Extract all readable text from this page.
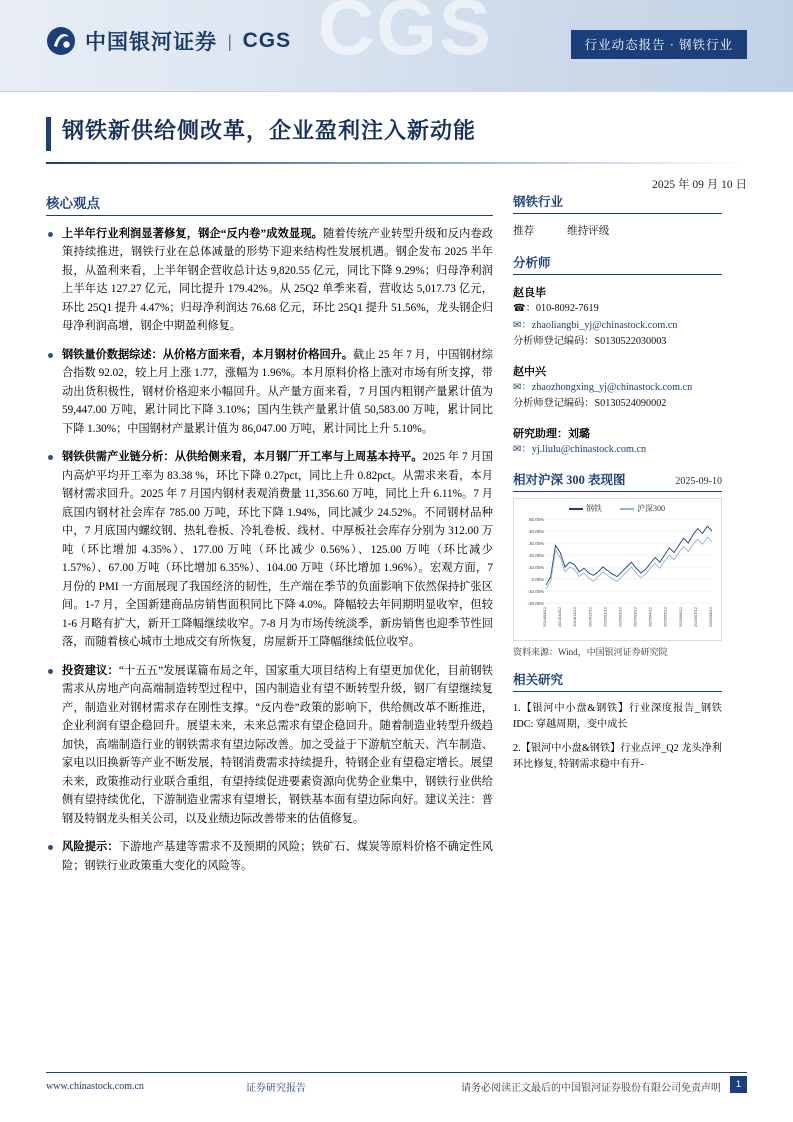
CGS
中国银河证券 | CGS	行业动态报告 · 钢铁行业
钢铁新供给侧改革，企业盈利注入新动能
2025 年 09 月 10 日
核心观点
上半年行业利润显著修复，钢企“反内卷”成效显现。随着传统产业转型升级和反内卷政策持续推进，钢铁行业在总体减量的形势下迎来结构性发展机遇。钢企发布 2025 半年报，从盈利来看，上半年钢企营收总计达 9,820.55 亿元，同比下降 9.29%；归母净利润上半年达 127.27 亿元，同比提升 179.42%。从 25Q2 单季来看，营收达 5,017.73 亿元，环比 25Q1 提升 4.47%；归母净利润达 76.68 亿元，环比 25Q1 提升 51.56%，龙头钢企归母净利润高增，钢企中期盈利修复。
钢铁量价数据综述：从价格方面来看，本月钢材价格回升。截止 25 年 7 月，中国钢材综合指数 92.02，较上月上涨 1.77，涨幅为 1.96%。本月原料价格上涨对市场有所支撑，带动出货积极性，钢材价格迎来小幅回升。从产量方面来看，7 月国内粗钢产量累计值为 59,447.00 万吨，累计同比下降 3.10%；国内生铁产量累计值 50,583.00 万吨，累计同比下降 1.30%；中国钢材产量累计值为 86,047.00 万吨，累计同比上升 5.10%。
钢铁供需产业链分析：从供给侧来看，本月钢厂开工率与上周基本持平。2025 年 7 月国内高炉平均开工率为 83.38 %，环比下降 0.27pct，同比上升 0.82pct。从需求来看，本月钢材需求回升。2025 年 7 月国内钢材表观消费量 11,356.60 万吨，同比上升 6.11%。7 月底国内钢材社会库存 785.00 万吨，环比下降 1.94%，同比减少 24.52%。不同钢材品种中，7 月底国内螺纹钢、热轧卷板、冷轧卷板、线材、中厚板社会库存分别为 312.00 万吨（环比增加 4.35%）、177.00 万吨（环比减少 0.56%）、125.00 万吨（环比减少 1.57%）、67.00 万吨（环比增加 6.35%）、104.00 万吨（环比增加 1.96%）。宏观方面，7 月份的 PMI 一方面展现了我国经济的韧性，生产端在季节的负面影响下依然保持扩张区间。1-7 月，全国新建商品房销售面积同比下降 4.0%。降幅较去年同期明显收窄，但较 1-6 月略有扩大，新开工降幅继续收窄。7-8 月为市场传统淡季，新房销售也迎季节性回落，而随着核心城市土地成交有所恢复，房屋新开工降幅继续低位收窄。
投资建议：“十五五”发展谋篇布局之年，国家重大项目结构上有望更加优化，目前钢铁需求从房地产向高端制造转型过程中，国内制造业有望不断转型升级，钢厂有望继续复产，制造业对钢材需求存在刚性支撑。“反内卷”政策的影响下，供给侧改革不断推进，企业利润有望企稳回升。展望未来，未来总需求有望企稳回升。随着制造业转型升级趋加快，高端制造行业的钢铁需求有望边际改善。加之受益于下游航空航天、汽车制造、家电以旧换新等产业不断发展，特钢消费需求持续提升，特钢企业有望稳定增长。展望未来，政策推动行业联合重组，有望持续促进要素资源向优势企业集中，钢铁行业供给侧有望持续优化，下游制造业需求有望增长，钢铁基本面有望边际向好。建议关注：普钢及特钢龙头相关公司，以及业绩边际改善带来的估值修复。
风险提示：下游地产基建等需求不及预期的风险；铁矿石、煤炭等原料价格不确定性风险；钢铁行业政策重大变化的风险等。
钢铁行业
推荐	维持评级
分析师
赵良毕
☎：010-8092-7619
✉：zhaoliangbi_yj@chinastock.com.cn
分析师登记编码：S0130522030003
赵中兴
✉：zhaozhongxing_yj@chinastock.com.cn
分析师登记编码：S0130524090002
研究助理：刘璐
✉：yj.liulu@chinastock.com.cn
相对沪深 300 表现图	2025-09-10
钢铁	沪深300
50.00%
40.00%
30.00%
20.00%
10.00%
0.00%
-10.00%
-20.00%
2024/09/12	2024/10/12	2024/11/12	2024/12/12	2025/01/12	2025/02/12	2025/03/12	2025/04/12	2025/05/12	2025/06/12	2025/07/12	2025/08/12
资料来源：Wind，中国银河证券研究院
相关研究
1.【银河中小盘&钢铁】行业深度报告_钢铁 IDC: 穿越周期，变中成长
2.【银河中小盘&钢铁】行业点评_Q2 龙头净利环比修复, 特钢需求稳中有升-
www.chinastock.com.cn	证券研究报告	请务必阅读正文最后的中国银河证券股份有限公司免责声明	1
